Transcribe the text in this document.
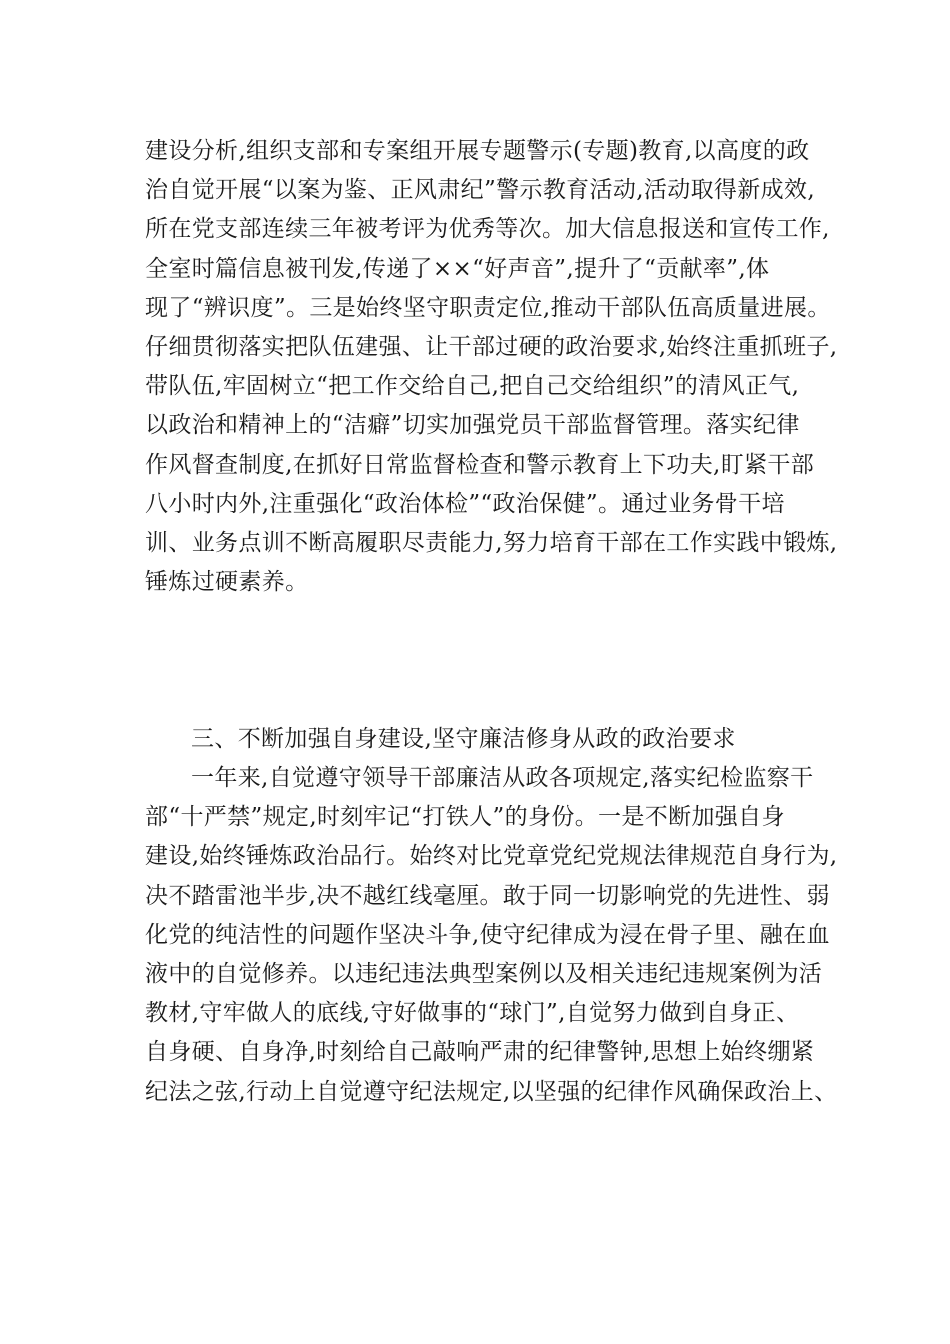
建设分析,组织支部和专案组开展专题警示(专题)教育,以高度的政
治自觉开展“以案为鉴、正风肃纪”警示教育活动,活动取得新成效,
所在党支部连续三年被考评为优秀等次。加大信息报送和宣传工作,
全室时篇信息被刊发,传递了××“好声音”,提升了“贡献率”,体
现了“辨识度”。三是始终坚守职责定位,推动干部队伍高质量进展。
仔细贯彻落实把队伍建强、让干部过硬的政治要求,始终注重抓班子,
带队伍,牢固树立“把工作交给自己,把自己交给组织”的清风正气,
以政治和精神上的“洁癖”切实加强党员干部监督管理。落实纪律
作风督查制度,在抓好日常监督检查和警示教育上下功夫,盯紧干部
八小时内外,注重强化“政治体检”“政治保健”。通过业务骨干培
训、业务点训不断高履职尽责能力,努力培育干部在工作实践中锻炼,
锤炼过硬素养。
三、不断加强自身建设,坚守廉洁修身从政的政治要求
一年来,自觉遵守领导干部廉洁从政各项规定,落实纪检监察干
部“十严禁”规定,时刻牢记“打铁人”的身份。一是不断加强自身
建设,始终锤炼政治品行。始终对比党章党纪党规法律规范自身行为,
决不踏雷池半步,决不越红线毫厘。敢于同一切影响党的先进性、弱
化党的纯洁性的问题作坚决斗争,使守纪律成为浸在骨子里、融在血
液中的自觉修养。以违纪违法典型案例以及相关违纪违规案例为活
教材,守牢做人的底线,守好做事的“球门”,自觉努力做到自身正、
自身硬、自身净,时刻给自己敲响严肃的纪律警钟,思想上始终绷紧
纪法之弦,行动上自觉遵守纪法规定,以坚强的纪律作风确保政治上、
